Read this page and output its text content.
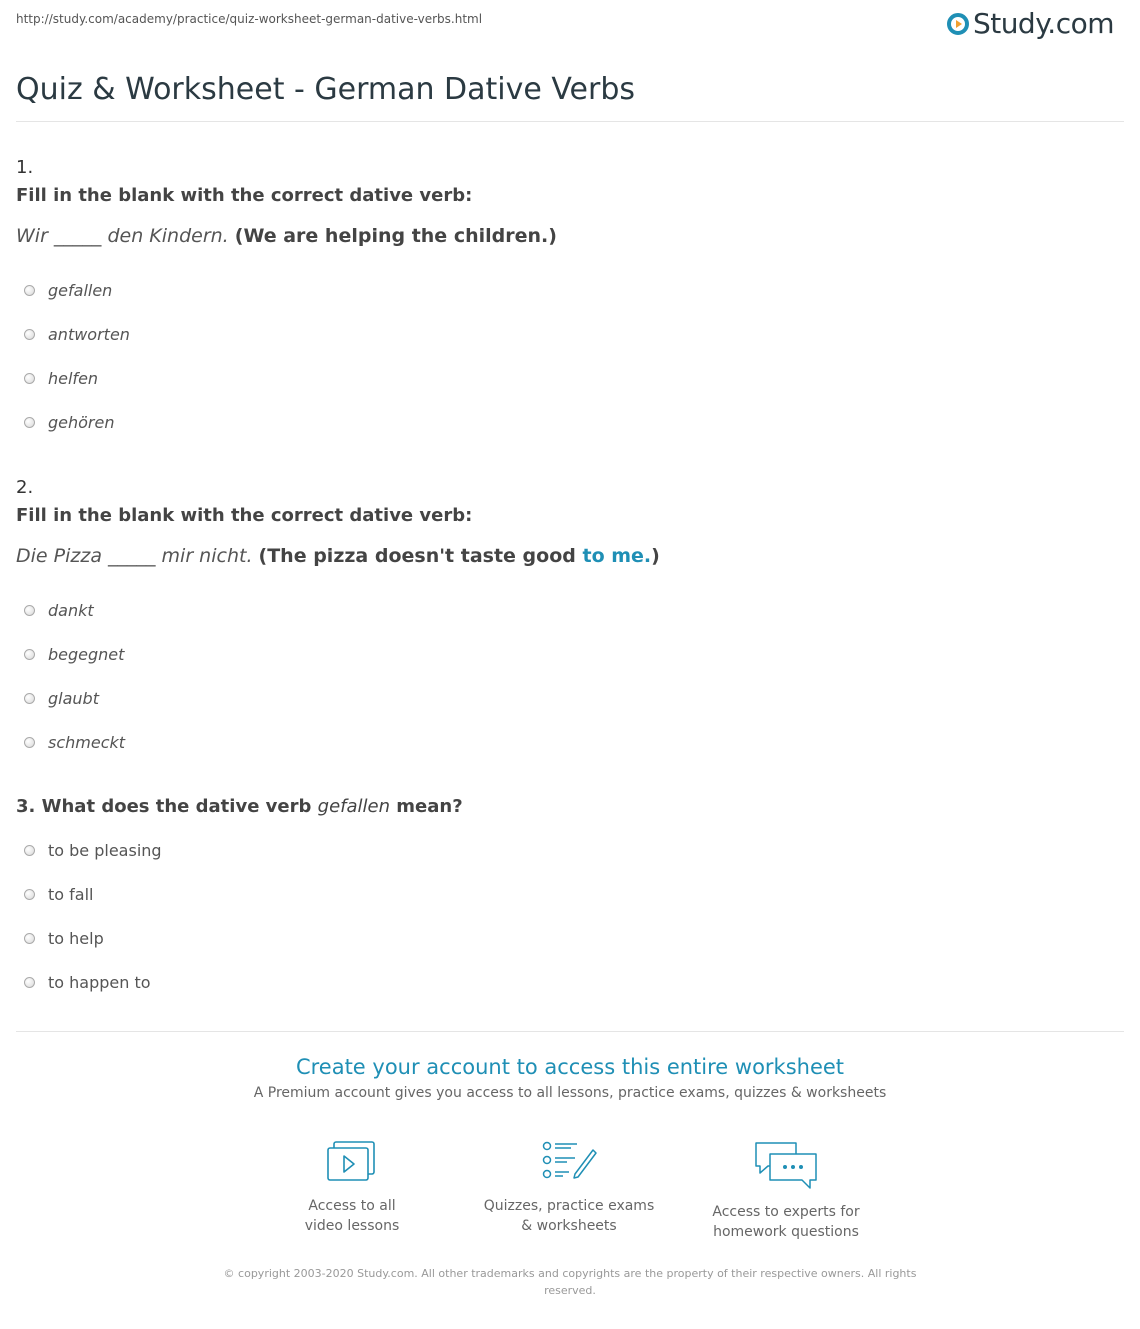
http://study.com/academy/practice/quiz-worksheet-german-dative-verbs.html	Study.com
Quiz & Worksheet - German Dative Verbs
1.
Fill in the blank with the correct dative verb:
Wir _____ den Kindern. (We are helping the children.)
gefallen
antworten
helfen
gehören
2.
Fill in the blank with the correct dative verb:
Die Pizza _____ mir nicht. (The pizza doesn't taste good to me.)
dankt
begegnet
glaubt
schmeckt
3. What does the dative verb gefallen mean?
to be pleasing
to fall
to help
to happen to
Create your account to access this entire worksheet
A Premium account gives you access to all lessons, practice exams, quizzes & worksheets
Access to all
video lessons
Quizzes, practice exams
& worksheets
Access to experts for
homework questions
© copyright 2003-2020 Study.com. All other trademarks and copyrights are the property of their respective owners. All rights reserved.
